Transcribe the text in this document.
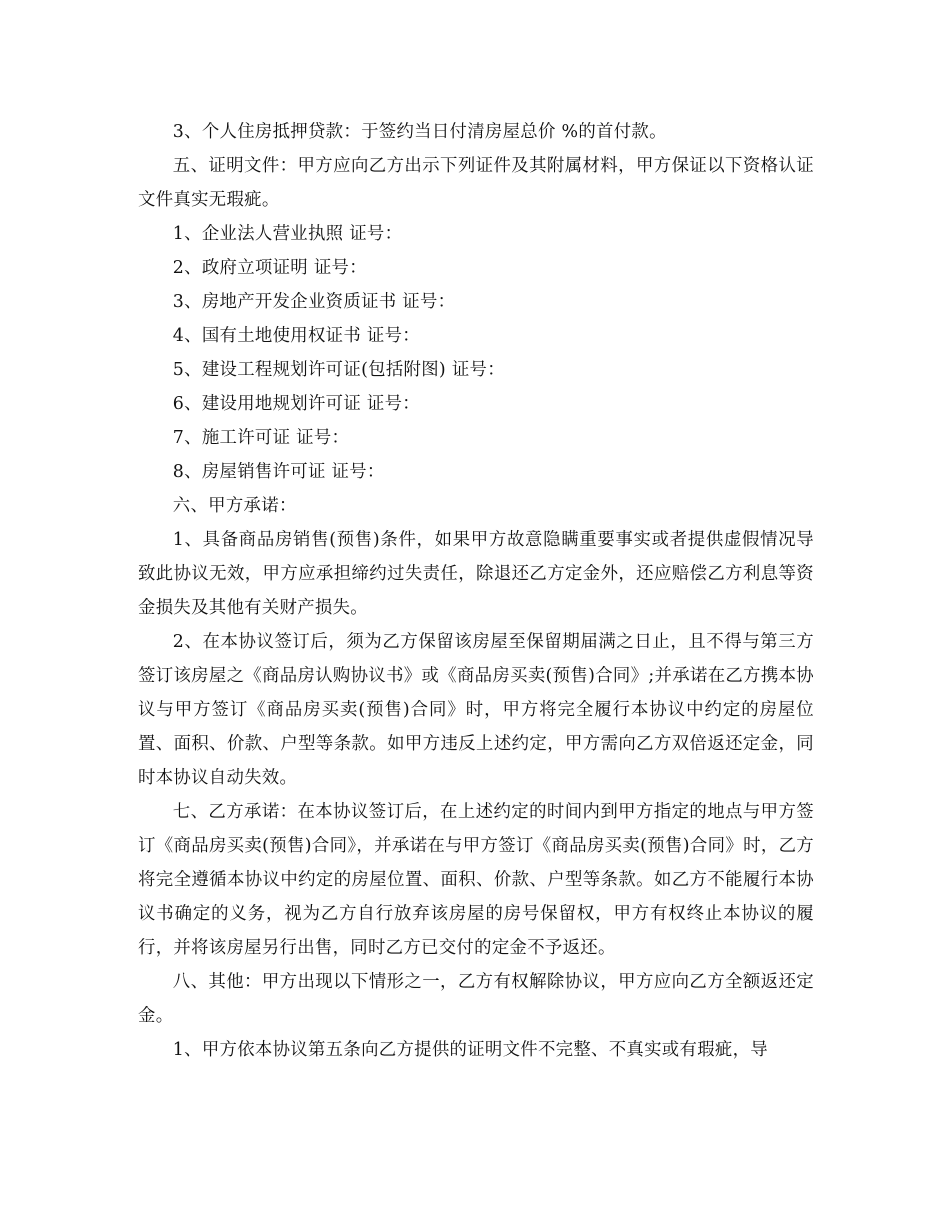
3、个人住房抵押贷款：于签约当日付清房屋总价 %的首付款。

五、证明文件：甲方应向乙方出示下列证件及其附属材料，甲方保证以下资格认证文件真实无瑕疵。

1、企业法人营业执照 证号：

2、政府立项证明 证号：

3、房地产开发企业资质证书 证号：

4、国有土地使用权证书 证号：

5、建设工程规划许可证(包括附图) 证号：

6、建设用地规划许可证 证号：

7、施工许可证 证号：

8、房屋销售许可证 证号：

六、甲方承诺：

1、具备商品房销售(预售)条件，如果甲方故意隐瞒重要事实或者提供虚假情况导致此协议无效，甲方应承担缔约过失责任，除退还乙方定金外，还应赔偿乙方利息等资金损失及其他有关财产损失。

2、在本协议签订后，须为乙方保留该房屋至保留期届满之日止，且不得与第三方签订该房屋之《商品房认购协议书》或《商品房买卖(预售)合同》;并承诺在乙方携本协议与甲方签订《商品房买卖(预售)合同》时，甲方将完全履行本协议中约定的房屋位置、面积、价款、户型等条款。如甲方违反上述约定，甲方需向乙方双倍返还定金，同时本协议自动失效。

七、乙方承诺：在本协议签订后，在上述约定的时间内到甲方指定的地点与甲方签订《商品房买卖(预售)合同》，并承诺在与甲方签订《商品房买卖(预售)合同》时，乙方将完全遵循本协议中约定的房屋位置、面积、价款、户型等条款。如乙方不能履行本协议书确定的义务，视为乙方自行放弃该房屋的房号保留权，甲方有权终止本协议的履行，并将该房屋另行出售，同时乙方已交付的定金不予返还。

八、其他：甲方出现以下情形之一，乙方有权解除协议，甲方应向乙方全额返还定金。

1、甲方依本协议第五条向乙方提供的证明文件不完整、不真实或有瑕疵，导
